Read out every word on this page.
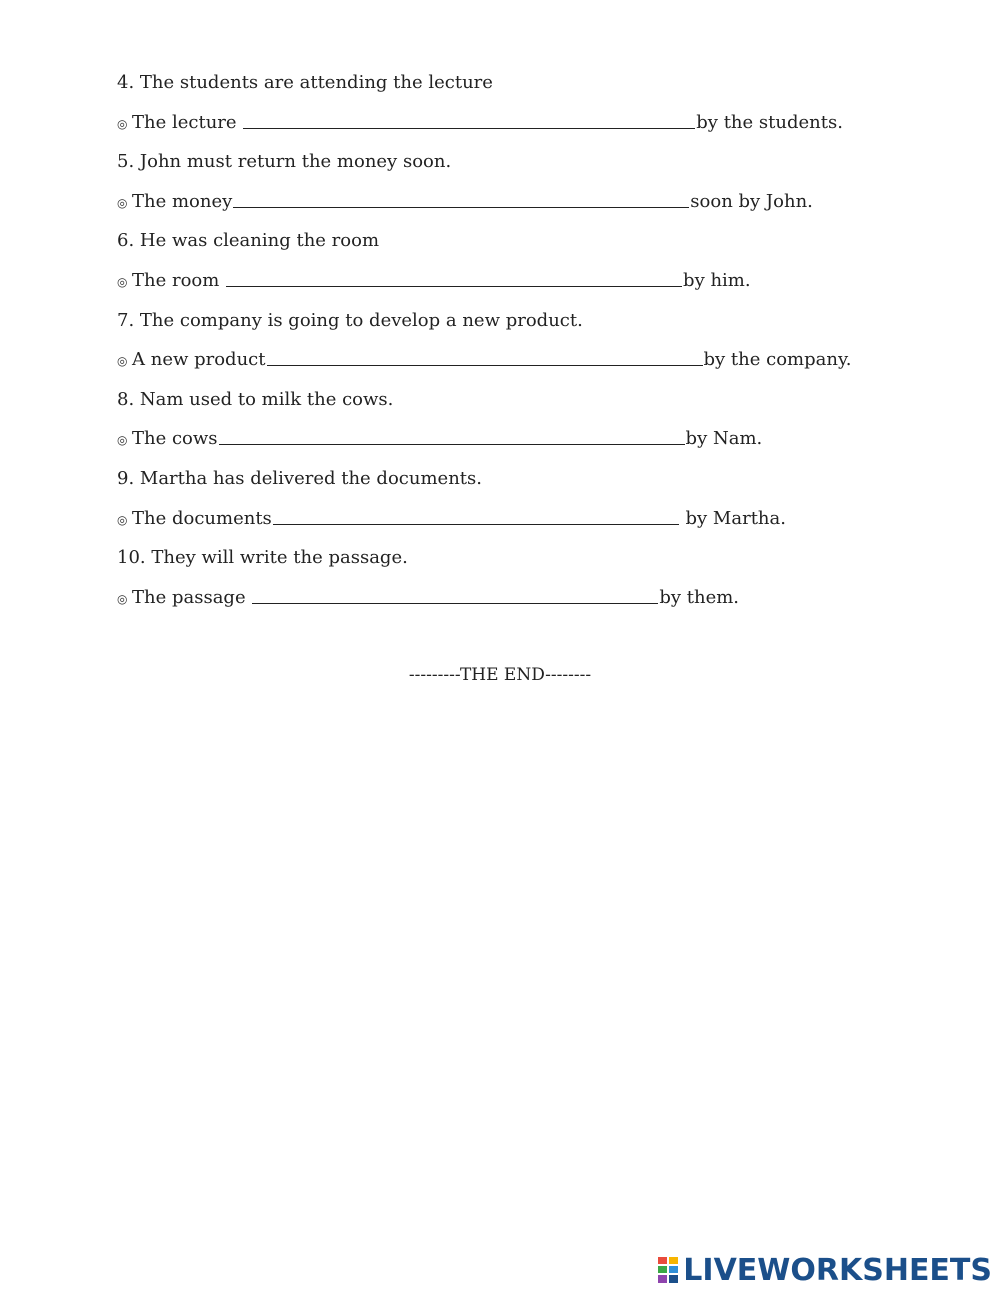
4. The students are attending the lecture
◎ The lecture	by the students.
5. John must return the money soon.
◎ The money	soon by John.
6. He was cleaning the room
◎ The room	by him.
7. The company is going to develop a new product.
◎ A new product	by the company.
8. Nam used to milk the cows.
◎ The cows	by Nam.
9. Martha has delivered the documents.
◎ The documents	by Martha.
10. They will write the passage.
◎ The passage	by them.
---------THE END--------
LIVEWORKSHEETS
